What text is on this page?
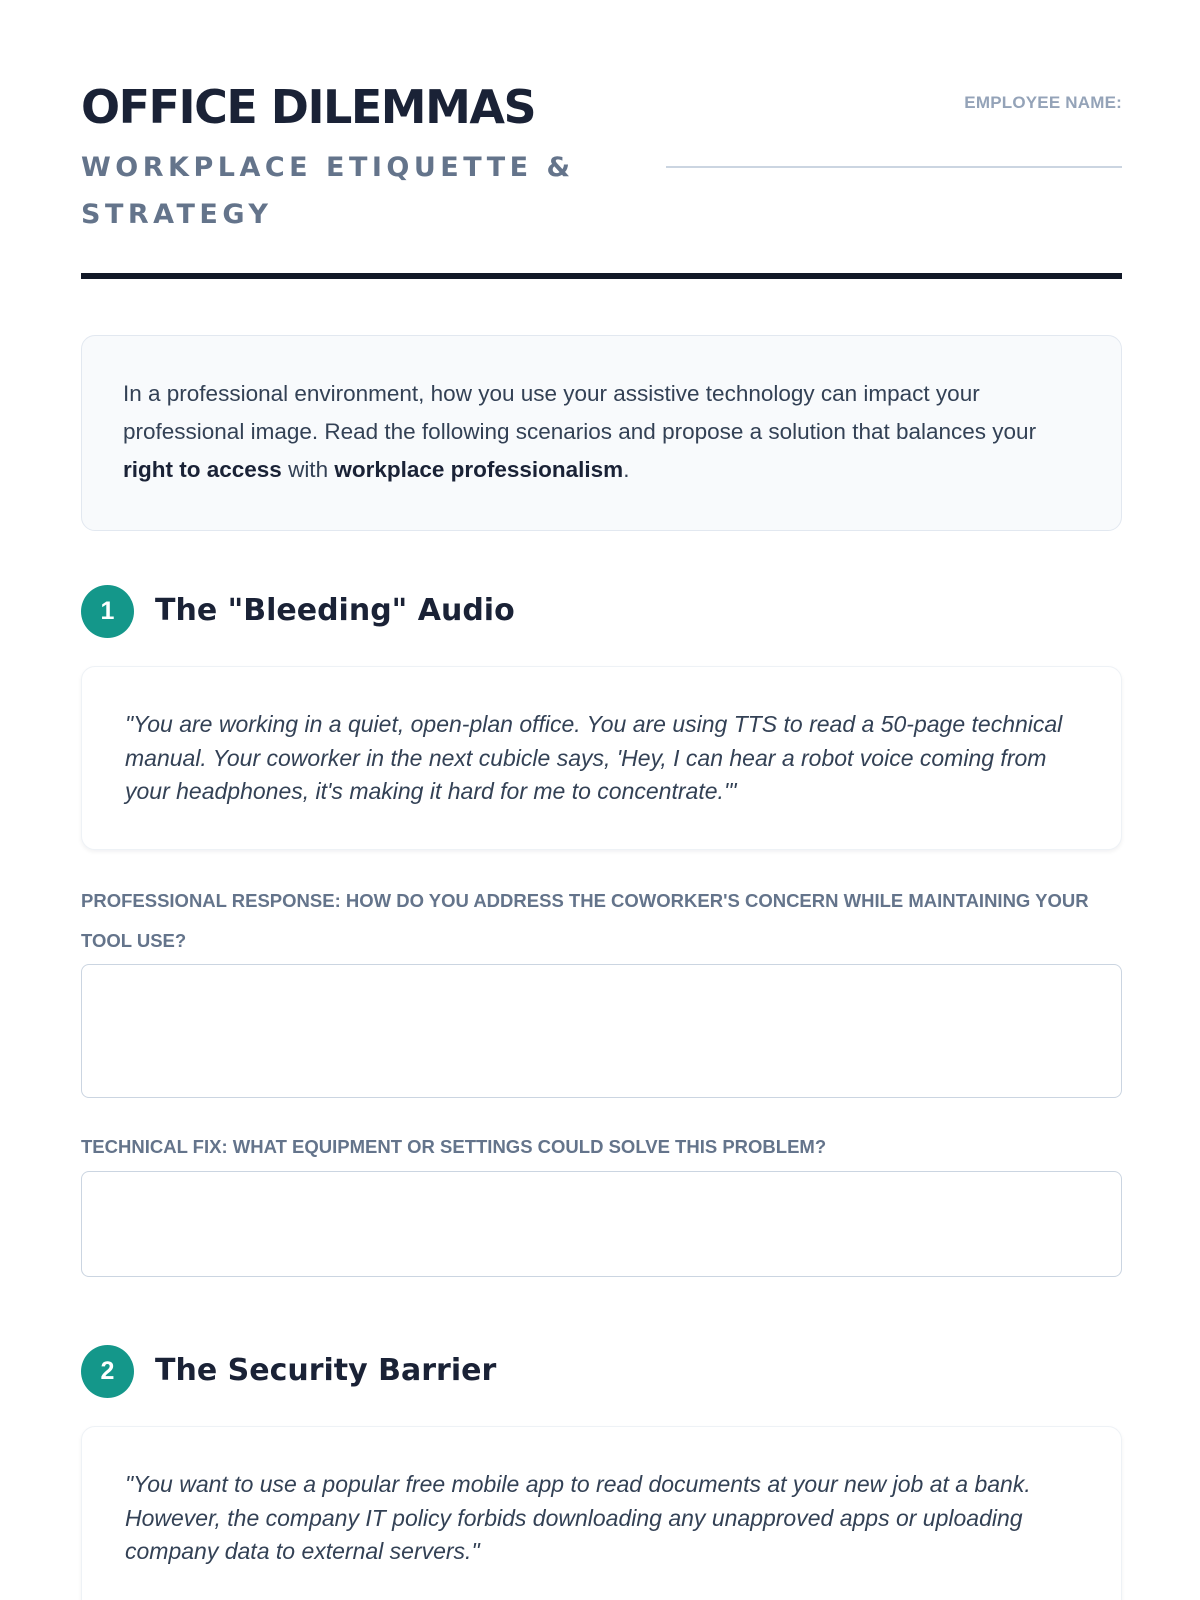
OFFICE DILEMMAS
WORKPLACE ETIQUETTE & STRATEGY
EMPLOYEE NAME:
In a professional environment, how you use your assistive technology can impact your professional image. Read the following scenarios and propose a solution that balances your right to access with workplace professionalism.
1	The "Bleeding" Audio
"You are working in a quiet, open-plan office. You are using TTS to read a 50-page technical manual. Your coworker in the next cubicle says, 'Hey, I can hear a robot voice coming from your headphones, it's making it hard for me to concentrate.'"
PROFESSIONAL RESPONSE: HOW DO YOU ADDRESS THE COWORKER'S CONCERN WHILE MAINTAINING YOUR TOOL USE?
TECHNICAL FIX: WHAT EQUIPMENT OR SETTINGS COULD SOLVE THIS PROBLEM?
2	The Security Barrier
"You want to use a popular free mobile app to read documents at your new job at a bank. However, the company IT policy forbids downloading any unapproved apps or uploading company data to external servers."
